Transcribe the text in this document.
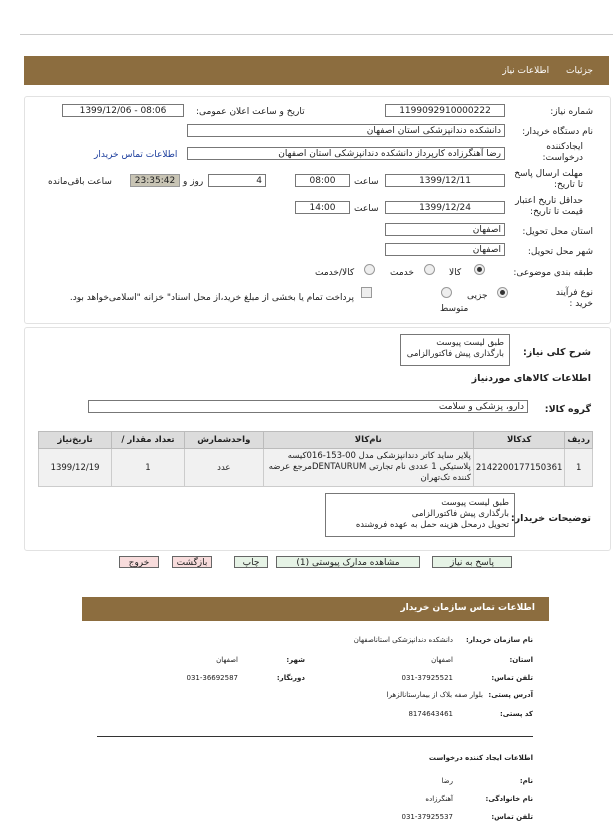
جزئیات اطلاعات نیاز
شماره نیاز:
1199092910000222
تاریخ و ساعت اعلان عمومی:
1399/12/06 - 08:06
نام دستگاه خریدار:
دانشکده دندانپزشکی استان اصفهان
ایجادکننده درخواست:
رضا آهنگرزاده کارپرداز دانشکده دندانپزشکی استان اصفهان
اطلاعات تماس خریدار
مهلت ارسال پاسخ تا تاریخ:
1399/12/11
ساعت
08:00
4
روز و
23:35:42
ساعت باقی‌مانده
حداقل تاریخ اعتبار قیمت تا تاریخ:
1399/12/24
ساعت
14:00
استان محل تحویل:
اصفهان
شهر محل تحویل:
اصفهان
طبقه بندی موضوعی:
کالا
خدمت
کالا/خدمت
نوع فرآیند خرید :
جزیی
متوسط
پرداخت تمام یا بخشی از مبلغ خرید،از محل اسناد" خزانه "اسلامی‌خواهد بود.
شرح کلی نیاز:
طبق لیست پیوست
بارگذاری پیش فاکتورالزامی
اطلاعات کالاهای موردنیاز
گروه کالا:
دارو، پزشکی و سلامت
تاریخ‌نیاز	تعداد مقدار /	واحدشمارش	نام‌کالا	کدکالا	ردیف
1399/12/19	1	عدد	پلایر ساید کاتر دندانپزشکی مدل 00-153-016کیسه پلاستیکی 1 عددی نام تجارتی DENTAURUMمرجع عرضه کننده تک‌تهران	2142200177150361	1
توضیحات خریدار:
طبق لیست پیوست
بارگذاری پیش فاکتورالزامی
تحویل درمحل هزینه حمل به عهده فروشنده
پاسخ به نیاز
مشاهده مدارک پیوستی (1)
چاپ
بازگشت
خروج
اطلاعات تماس سازمان خریدار
نام سازمان خریدار:
دانشکده دندانپزشکی استاناصفهان
استان:
اصفهان
شهر:
اصفهان
تلفن تماس:
031-37925521
دورنگار:
031-36692587
آدرس پستی:
بلوار صفه بلاک از بیمارستانالزهرا
کد پستی:
8174643461
اطلاعات ایجاد کننده درخواست
نام:
رضا
نام خانوادگی:
آهنگرزاده
تلفن تماس:
031-37925537
